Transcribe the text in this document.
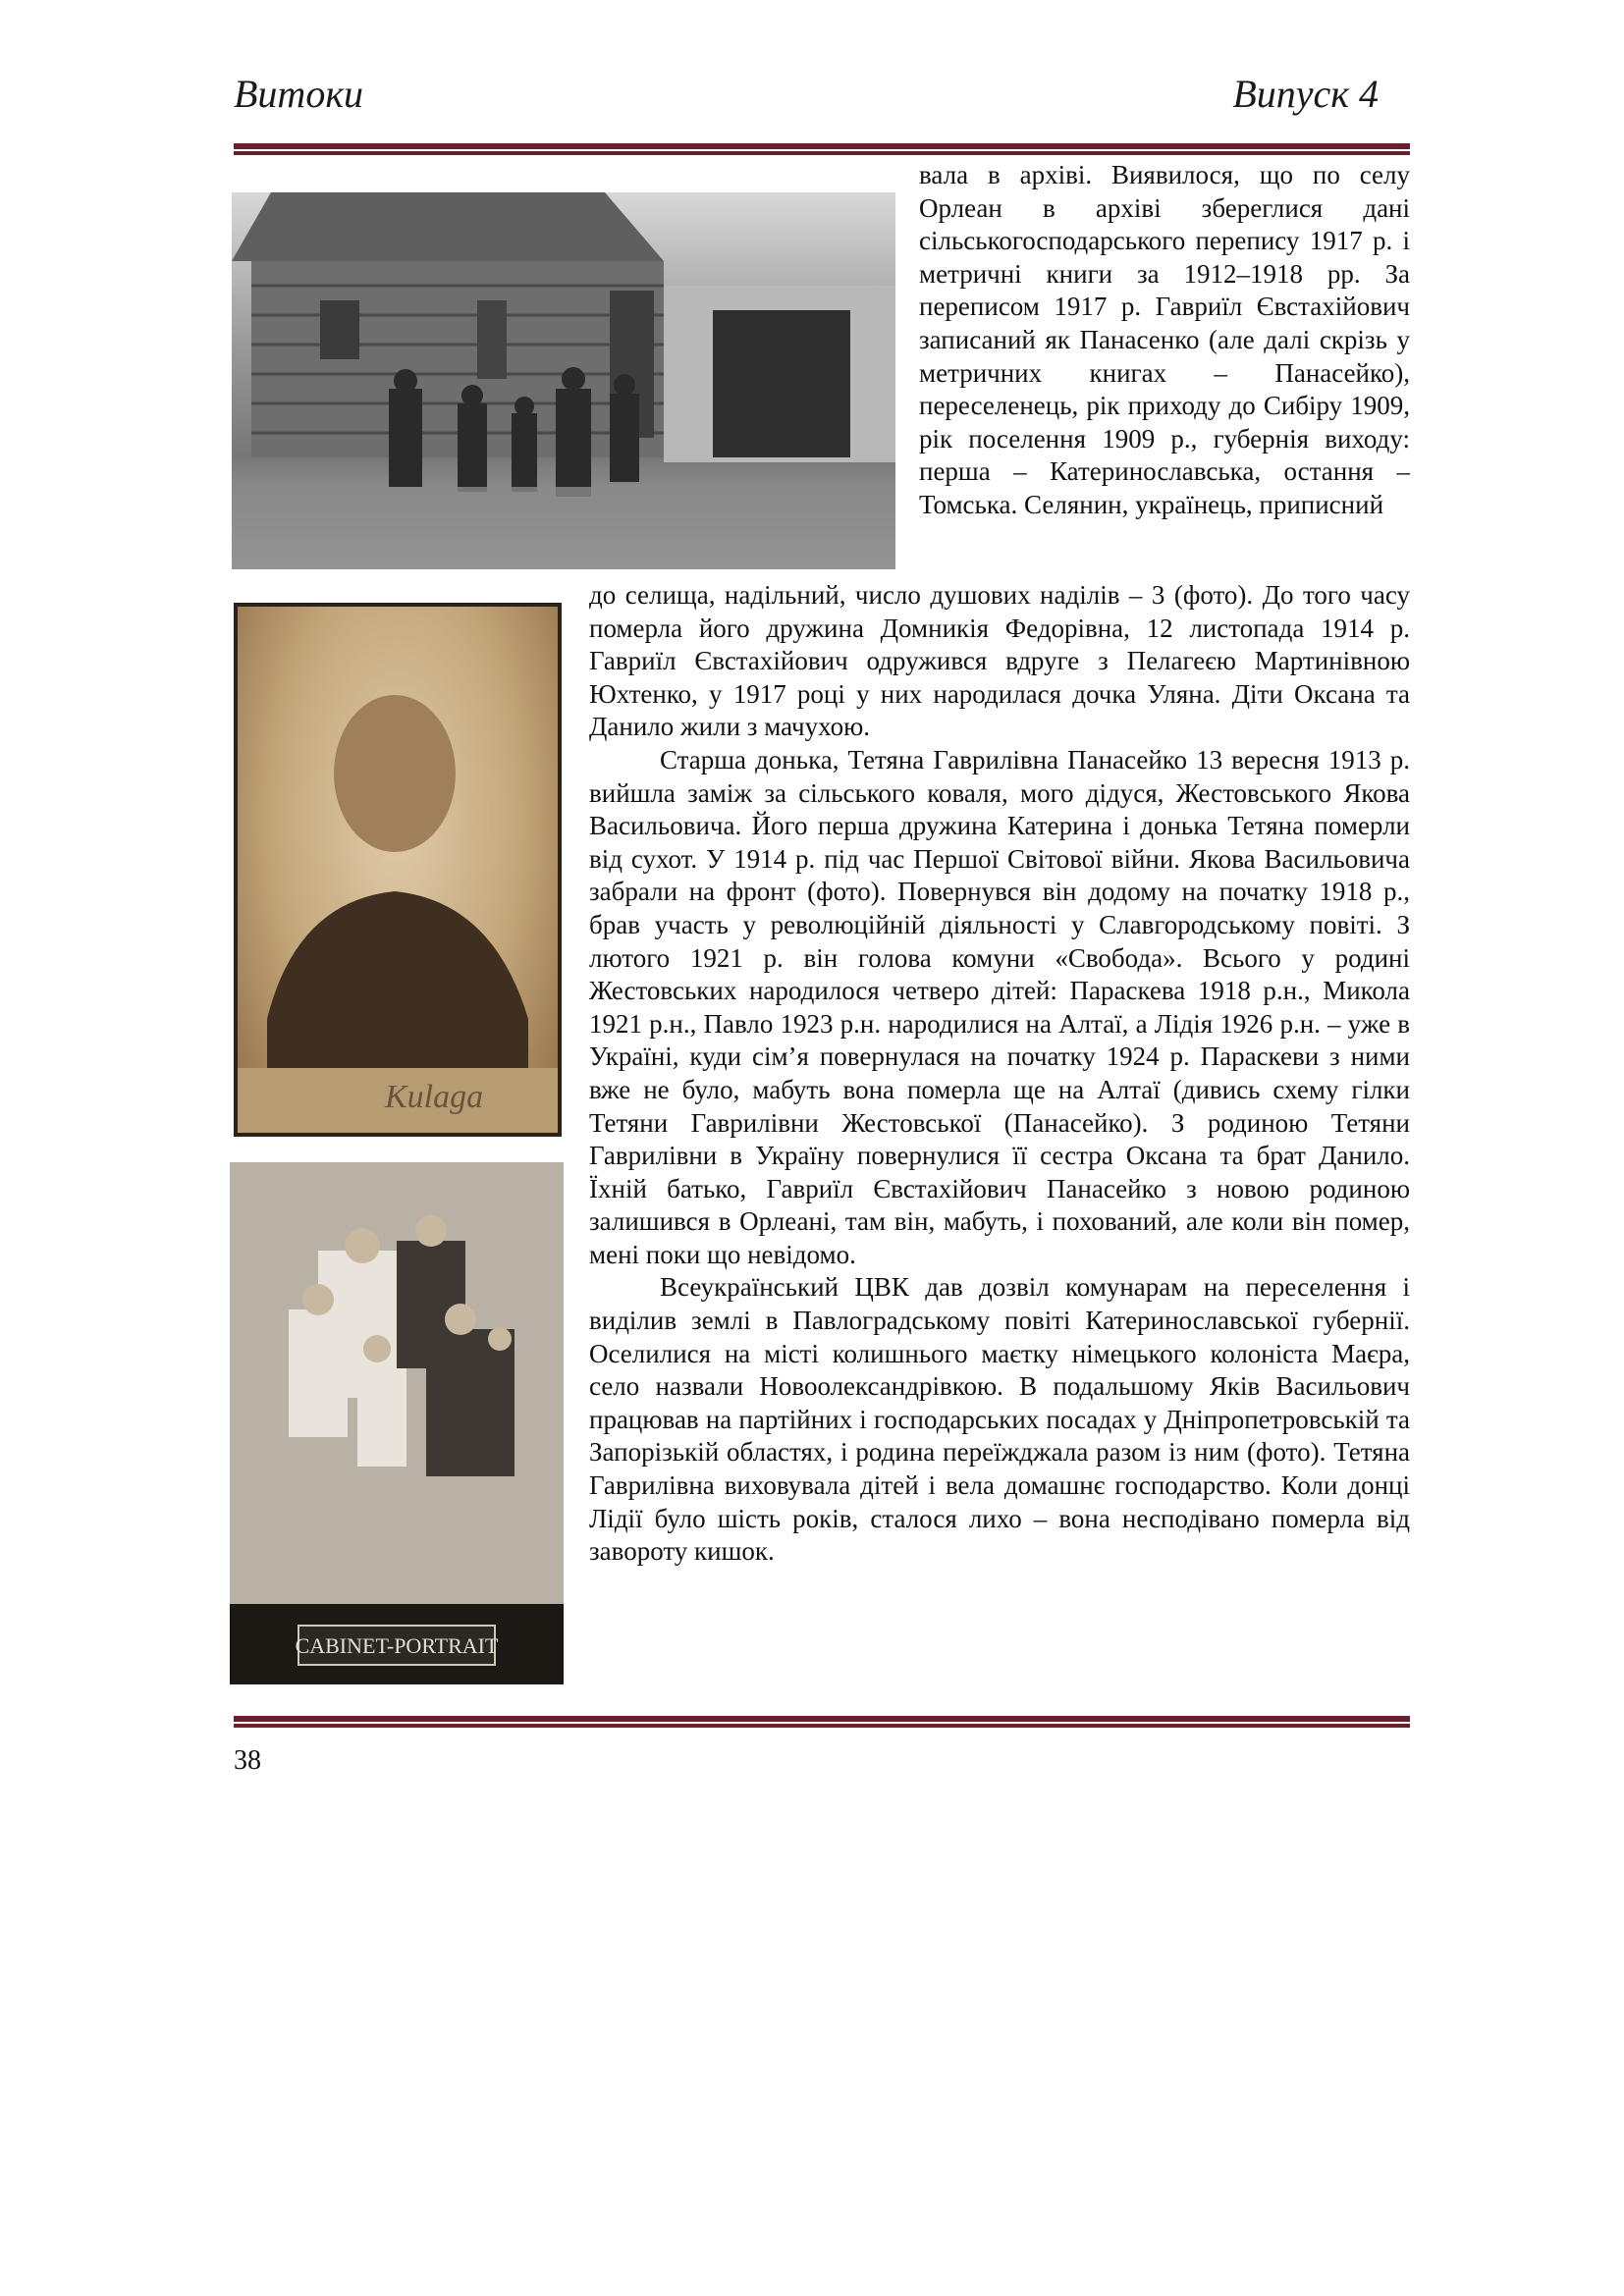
Витоки	Випуск 4
Kulaga
CABINET-PORTRAIT

вала в архіві. Виявилося, що по селу Орлеан в архіві збереглися дані сільськогосподарського перепису 1917 р. і метричні книги за 1912–1918 рр. За переписом 1917 р. Гавриїл Євстахійович записаний як Панасенко (але далі скрізь у метричних книгах – Панасейко), переселенець, рік приходу до Сибіру 1909, рік поселення 1909 р., губернія виходу: перша – Катеринославська, остання – Томська. Селянин, українець, приписний

до селища, надільний, число душових наділів – 3 (фото). До того часу померла його дружина Домникія Федорівна, 12 листопада 1914 р. Гавриїл Євстахійович одружився вдруге з Пелагеєю Мартинівною Юхтенко, у 1917 році у них народилася дочка Уляна. Діти Оксана та Данило жили з мачухою.

Старша донька, Тетяна Гаврилівна Панасейко 13 вересня 1913 р. вийшла заміж за сільського коваля, мого дідуся, Жестовського Якова Васильовича. Його перша дружина Катерина і донька Тетяна померли від сухот. У 1914 р. під час Першої Світової війни. Якова Васильовича забрали на фронт (фото). Повернувся він додому на початку 1918 р., брав участь у революційній діяльності у Славгородському повіті. З лютого 1921 р. він голова комуни «Свобода». Всього у родині Жестовських народилося четверо дітей: Параскева 1918 р.н., Микола 1921 р.н., Павло 1923 р.н. народилися на Алтаї, а Лідія 1926 р.н. – уже в Україні, куди сім’я повернулася на початку 1924 р. Параскеви з ними вже не було, мабуть вона померла ще на Алтаї (дивись схему гілки Тетяни Гаврилівни Жестовської (Панасейко). З родиною Тетяни Гаврилівни в Україну повернулися її сестра Оксана та брат Данило. Їхній батько, Гавриїл Євстахійович Панасейко з новою родиною залишився в Орлеані, там він, мабуть, і похований, але коли він помер, мені поки що невідомо.

Всеукраїнський ЦВК дав дозвіл комунарам на переселення і виділив землі в Павлоградському повіті Катеринославської губернії. Оселилися на місті колишнього маєтку німецького колоніста Маєра, село назвали Новоолександрівкою. В подальшому Яків Васильович працював на партійних і господарських посадах у Дніпропетровській та Запорізькій областях, і родина переїжджала разом із ним (фото). Тетяна Гаврилівна виховувала дітей і вела домашнє господарство. Коли донці Лідії було шість років, сталося лихо – вона несподівано померла від завороту кишок.

38
